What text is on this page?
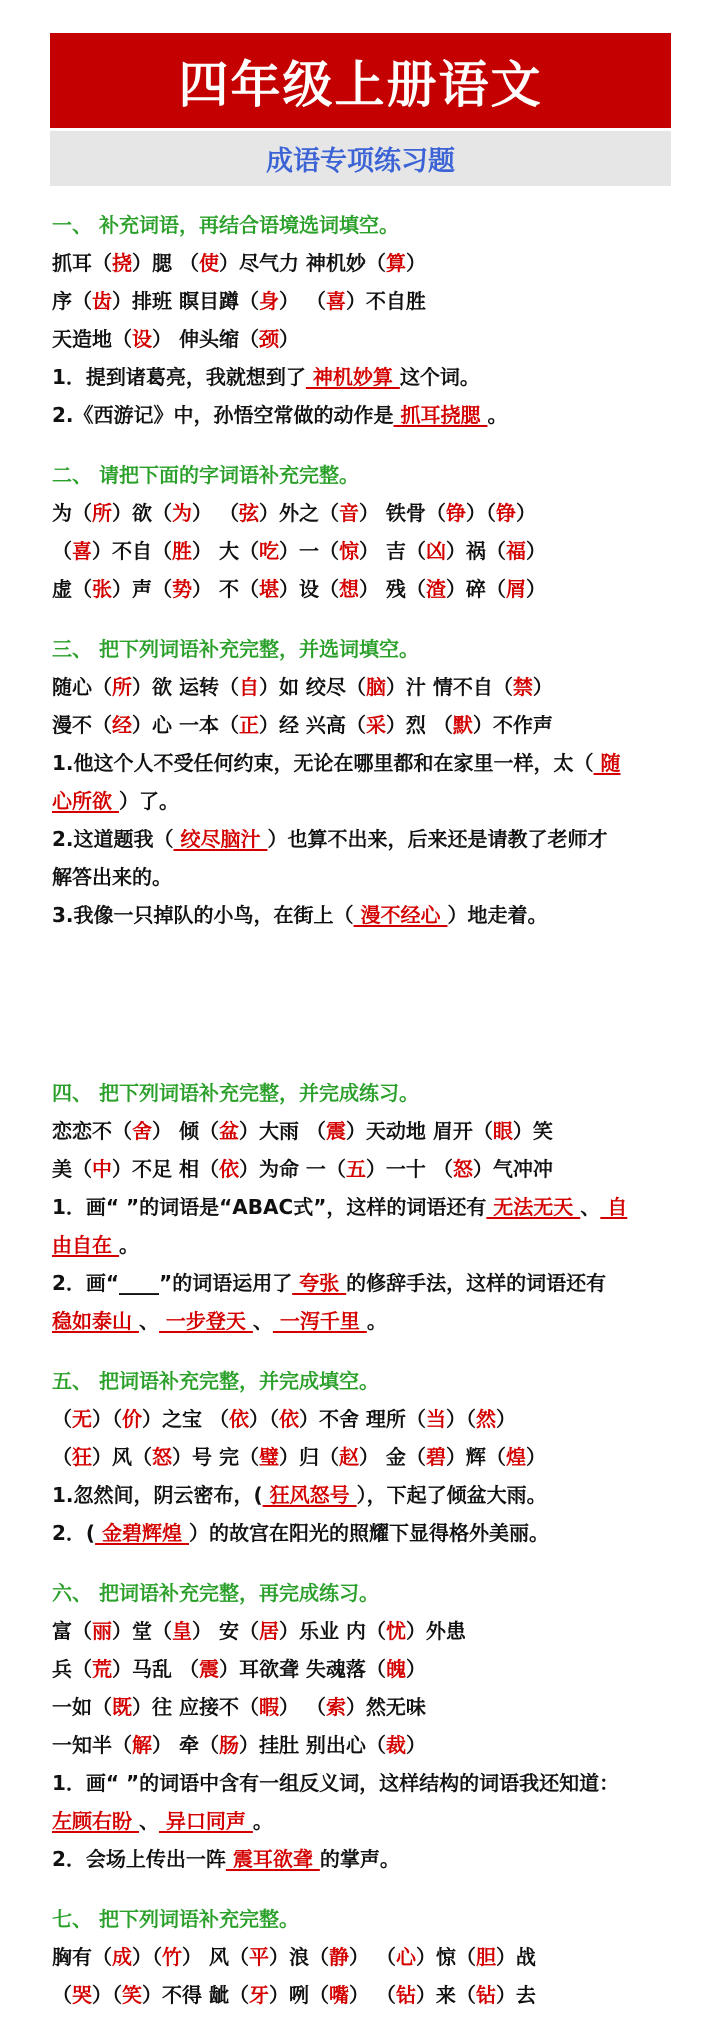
四年级上册语文
成语专项练习题
一、 补充词语，再结合语境选词填空。
抓耳（挠）腮 （使）尽气力 神机妙（算）
序（齿）排班 瞑目蹲（身） （喜）不自胜
天造地（设） 伸头缩（颈）
1．提到诸葛亮，我就想到了 神机妙算 这个词。
2.《西游记》中，孙悟空常做的动作是 抓耳挠腮 。
二、 请把下面的字词语补充完整。
为（所）欲（为） （弦）外之（音） 铁骨（铮）（铮）
（喜）不自（胜） 大（吃）一（惊） 吉（凶）祸（福）
虚（张）声（势） 不（堪）设（想） 残（渣）碎（屑）
三、 把下列词语补充完整，并选词填空。
随心（所）欲 运转（自）如 绞尽（脑）汁 情不自（禁）
漫不（经）心 一本（正）经 兴高（采）烈 （默）不作声
1.他这个人不受任何约束，无论在哪里都和在家里一样，太（ 随
心所欲 ）了。
2.这道题我（ 绞尽脑汁 ）也算不出来，后来还是请教了老师才
解答出来的。
3.我像一只掉队的小鸟，在街上（ 漫不经心 ）地走着。
四、 把下列词语补充完整，并完成练习。
恋恋不（舍） 倾（盆）大雨 （震）天动地 眉开（眼）笑
美（中）不足 相（依）为命 一（五）一十 （怒）气冲冲
1．画“ ”的词语是“ABAC式”，这样的词语还有 无法无天 、 自
由自在 。
2．画“____”的词语运用了 夸张 的修辞手法，这样的词语还有
稳如泰山 、 一步登天 、 一泻千里 。
五、 把词语补充完整，并完成填空。
（无）（价）之宝 （依）（依）不舍 理所（当）（然）
（狂）风（怒）号 完（璧）归（赵） 金（碧）辉（煌）
1.忽然间，阴云密布，( 狂风怒号 ），下起了倾盆大雨。
2．( 金碧辉煌 ）的故宫在阳光的照耀下显得格外美丽。
六、 把词语补充完整，再完成练习。
富（丽）堂（皇） 安（居）乐业 内（忧）外患
兵（荒）马乱 （震）耳欲聋 失魂落（魄）
一如（既）往 应接不（暇） （索）然无味
一知半（解） 牵（肠）挂肚 别出心（裁）
1．画“ ”的词语中含有一组反义词，这样结构的词语我还知道：
左顾右盼 、 异口同声 。
2．会场上传出一阵 震耳欲聋 的掌声。
七、 把下列词语补充完整。
胸有（成）（竹） 风（平）浪（静） （心）惊（胆）战
（哭）（笑）不得 龇（牙）咧（嘴） （钻）来（钻）去
